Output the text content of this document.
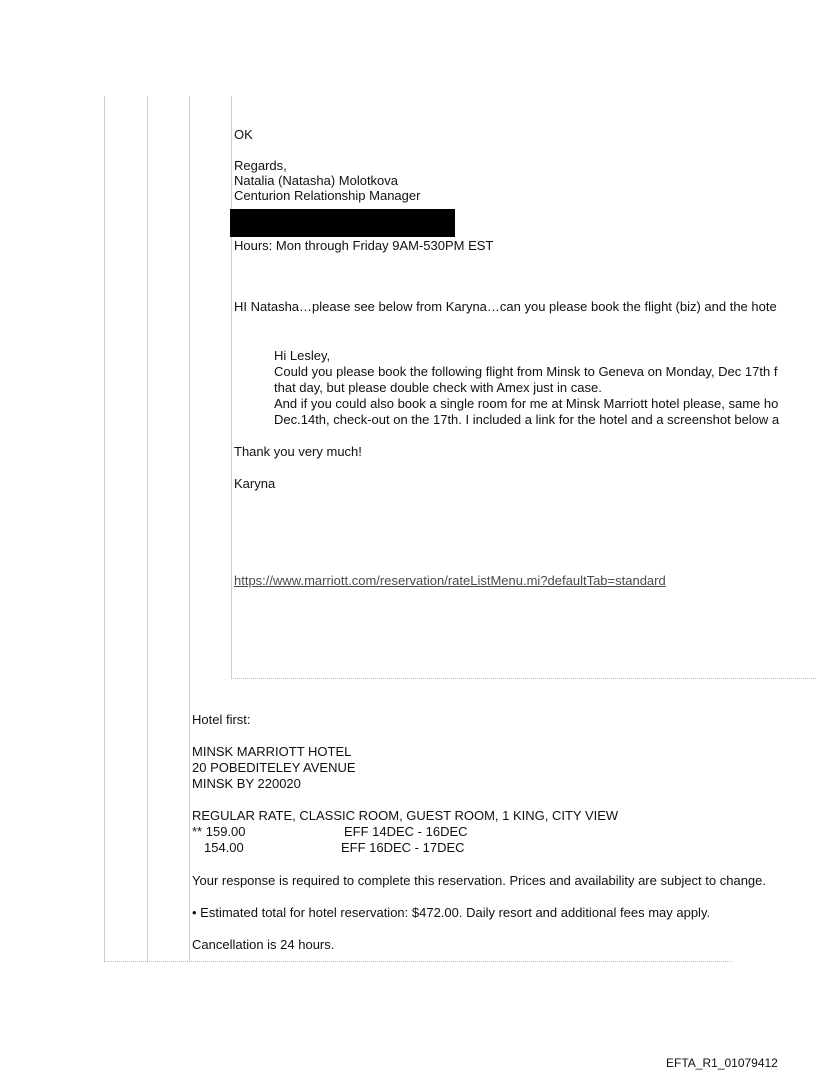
OK
Regards,
Natalia (Natasha) Molotkova
Centurion Relationship Manager
Hours: Mon through Friday 9AM-530PM EST
HI Natasha…please see below from Karyna…can you please book the flight (biz) and the hote
Hi Lesley,
Could you please book the following flight from Minsk to Geneva on Monday, Dec 17th f
that day, but please double check with Amex just in case.
And if you could also book a single room for me at Minsk Marriott hotel please, same ho
Dec.14th, check-out on the 17th. I included a link for the hotel and a screenshot below a
Thank you very much!
Karyna
https://www.marriott.com/reservation/rateListMenu.mi?defaultTab=standard
Hotel first:
MINSK MARRIOTT HOTEL
20 POBEDITELEY AVENUE
MINSK BY 220020
REGULAR RATE, CLASSIC ROOM, GUEST ROOM, 1 KING, CITY VIEW
** 159.00	EFF 14DEC - 16DEC
154.00	EFF 16DEC - 17DEC
Your response is required to complete this reservation. Prices and availability are subject to change.
• Estimated total for hotel reservation: $472.00. Daily resort and additional fees may apply.
Cancellation is 24 hours.
EFTA_R1_01079412
